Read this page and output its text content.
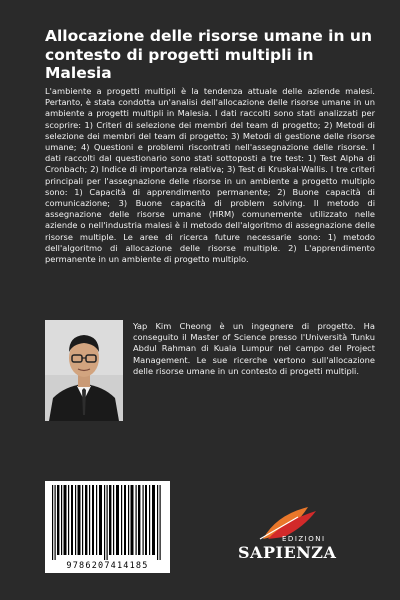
Allocazione delle risorse umane in un contesto di progetti multipli in Malesia
L'ambiente a progetti multipli è la tendenza attuale delle aziende malesi. Pertanto, è stata condotta un'analisi dell'allocazione delle risorse umane in un ambiente a progetti multipli in Malesia. I dati raccolti sono stati analizzati per scoprire: 1) Criteri di selezione dei membri del team di progetto; 2) Metodi di selezione dei membri del team di progetto; 3) Metodi di gestione delle risorse umane; 4) Questioni e problemi riscontrati nell'assegnazione delle risorse. I dati raccolti dal questionario sono stati sottoposti a tre test: 1) Test Alpha di Cronbach; 2) Indice di importanza relativa; 3) Test di Kruskal-Wallis. I tre criteri principali per l'assegnazione delle risorse in un ambiente a progetto multiplo sono: 1) Capacità di apprendimento permanente; 2) Buone capacità di comunicazione; 3) Buone capacità di problem solving. Il metodo di assegnazione delle risorse umane (HRM) comunemente utilizzato nelle aziende o nell'industria malesi è il metodo dell'algoritmo di assegnazione delle risorse multiple. Le aree di ricerca future necessarie sono: 1) metodo dell'algoritmo di allocazione delle risorse multiple. 2) L'apprendimento permanente in un ambiente di progetto multiplo.
Yap Kim Cheong è un ingegnere di progetto. Ha conseguito il Master of Science presso l'Università Tunku Abdul Rahman di Kuala Lumpur nel campo del Project Management. Le sue ricerche vertono sull'allocazione delle risorse umane in un contesto di progetti multipli.
9786207414185
EDIZIONI
SAPIENZA
